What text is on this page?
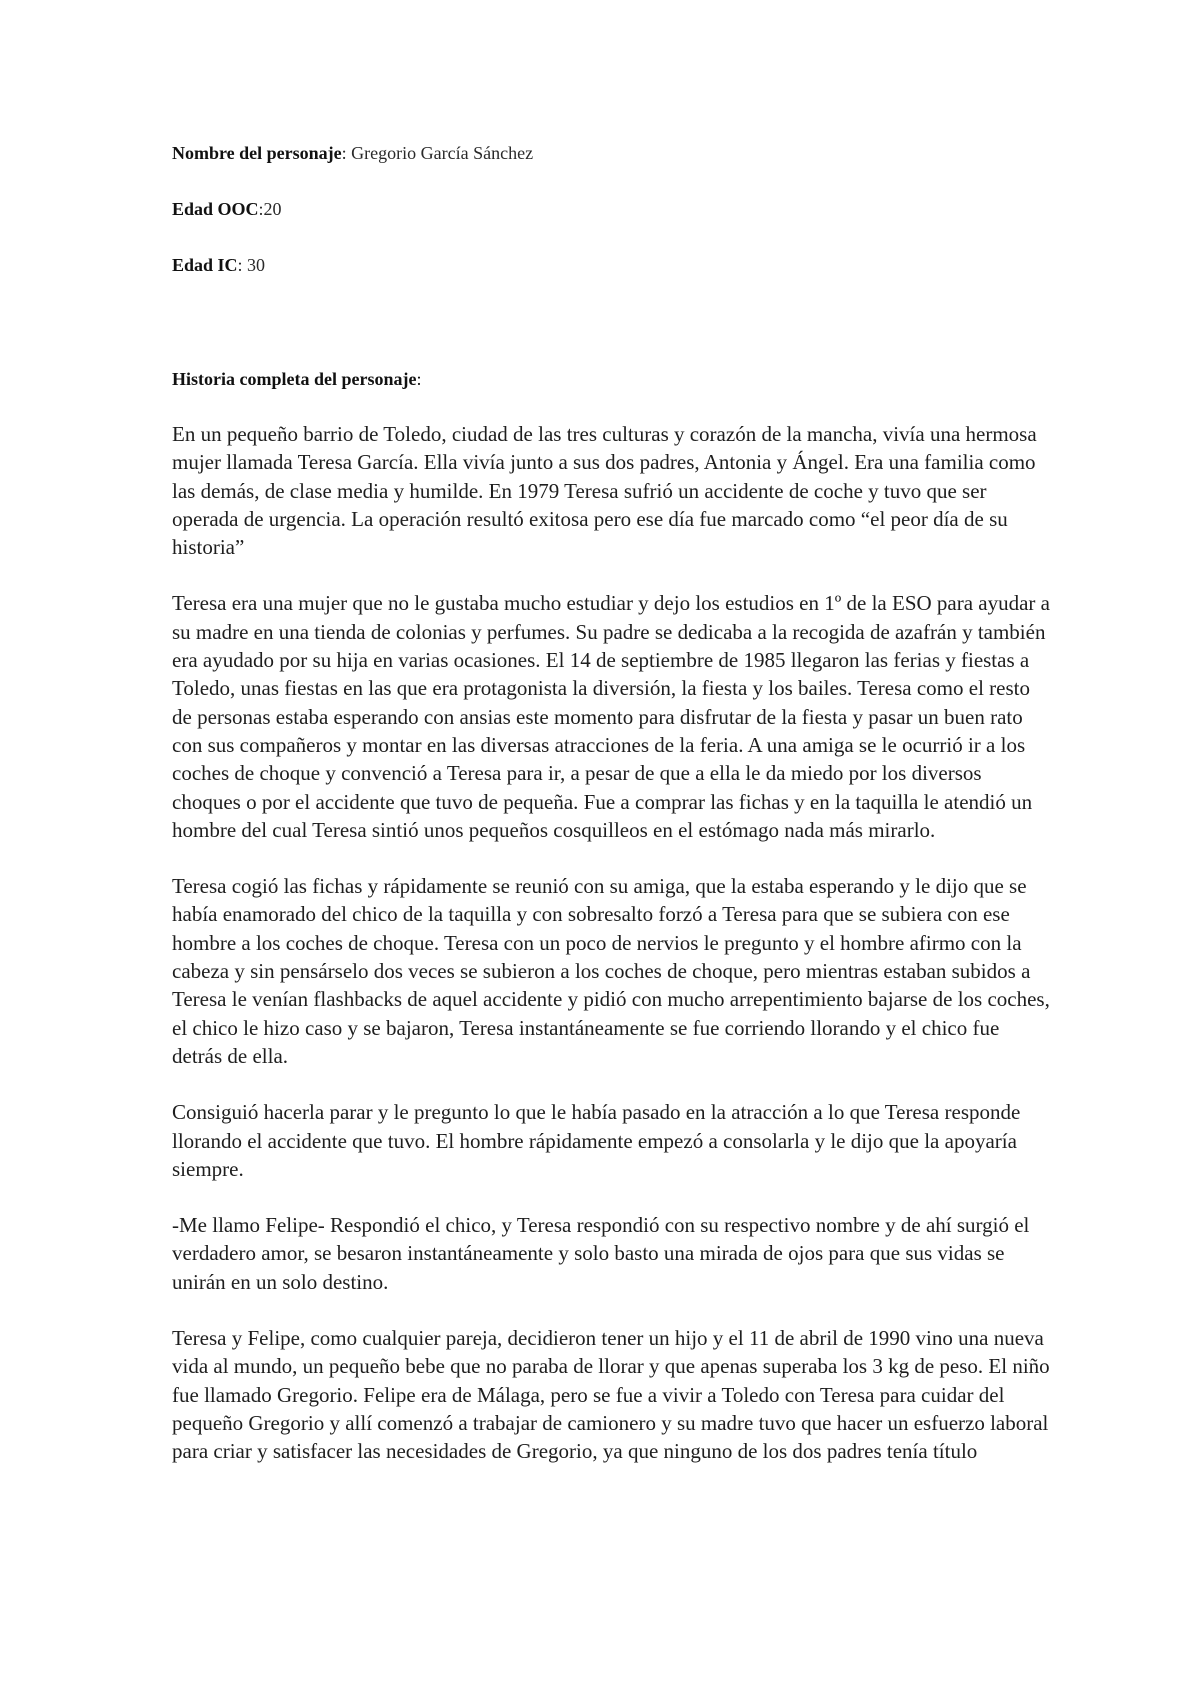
Nombre del personaje: Gregorio García Sánchez
Edad OOC:20
Edad IC: 30
Historia completa del personaje:

En un pequeño barrio de Toledo, ciudad de las tres culturas y corazón de la mancha, vivía una hermosa mujer llamada Teresa García. Ella vivía junto a sus dos padres, Antonia y Ángel. Era una familia como las demás, de clase media y humilde. En 1979 Teresa sufrió un accidente de coche y tuvo que ser operada de urgencia. La operación resultó exitosa pero ese día fue marcado como “el peor día de su historia”

Teresa era una mujer que no le gustaba mucho estudiar y dejo los estudios en 1º de la ESO para ayudar a su madre en una tienda de colonias y perfumes. Su padre se dedicaba a la recogida de azafrán y también era ayudado por su hija en varias ocasiones. El 14 de septiembre de 1985 llegaron las ferias y fiestas a Toledo, unas fiestas en las que era protagonista la diversión, la fiesta y los bailes. Teresa como el resto de personas estaba esperando con ansias este momento para disfrutar de la fiesta y pasar un buen rato con sus compañeros y montar en las diversas atracciones de la feria. A una amiga se le ocurrió ir a los coches de choque y convenció a Teresa para ir, a pesar de que a ella le da miedo por los diversos choques o por el accidente que tuvo de pequeña. Fue a comprar las fichas y en la taquilla le atendió un hombre del cual Teresa sintió unos pequeños cosquilleos en el estómago nada más mirarlo.

Teresa cogió las fichas y rápidamente se reunió con su amiga, que la estaba esperando y le dijo que se había enamorado del chico de la taquilla y con sobresalto forzó a Teresa para que se subiera con ese hombre a los coches de choque. Teresa con un poco de nervios le pregunto y el hombre afirmo con la cabeza y sin pensárselo dos veces se subieron a los coches de choque, pero mientras estaban subidos a Teresa le venían flashbacks de aquel accidente y pidió con mucho arrepentimiento bajarse de los coches, el chico le hizo caso y se bajaron, Teresa instantáneamente se fue corriendo llorando y el chico fue detrás de ella.

Consiguió hacerla parar y le pregunto lo que le había pasado en la atracción a lo que Teresa responde llorando el accidente que tuvo. El hombre rápidamente empezó a consolarla y le dijo que la apoyaría siempre.

-Me llamo Felipe- Respondió el chico, y Teresa respondió con su respectivo nombre y de ahí surgió el verdadero amor, se besaron instantáneamente y solo basto una mirada de ojos para que sus vidas se unirán en un solo destino.

Teresa y Felipe, como cualquier pareja, decidieron tener un hijo y el 11 de abril de 1990 vino una nueva vida al mundo, un pequeño bebe que no paraba de llorar y que apenas superaba los 3 kg de peso. El niño fue llamado Gregorio. Felipe era de Málaga, pero se fue a vivir a Toledo con Teresa para cuidar del pequeño Gregorio y allí comenzó a trabajar de camionero y su madre tuvo que hacer un esfuerzo laboral para criar y satisfacer las necesidades de Gregorio, ya que ninguno de los dos padres tenía título
